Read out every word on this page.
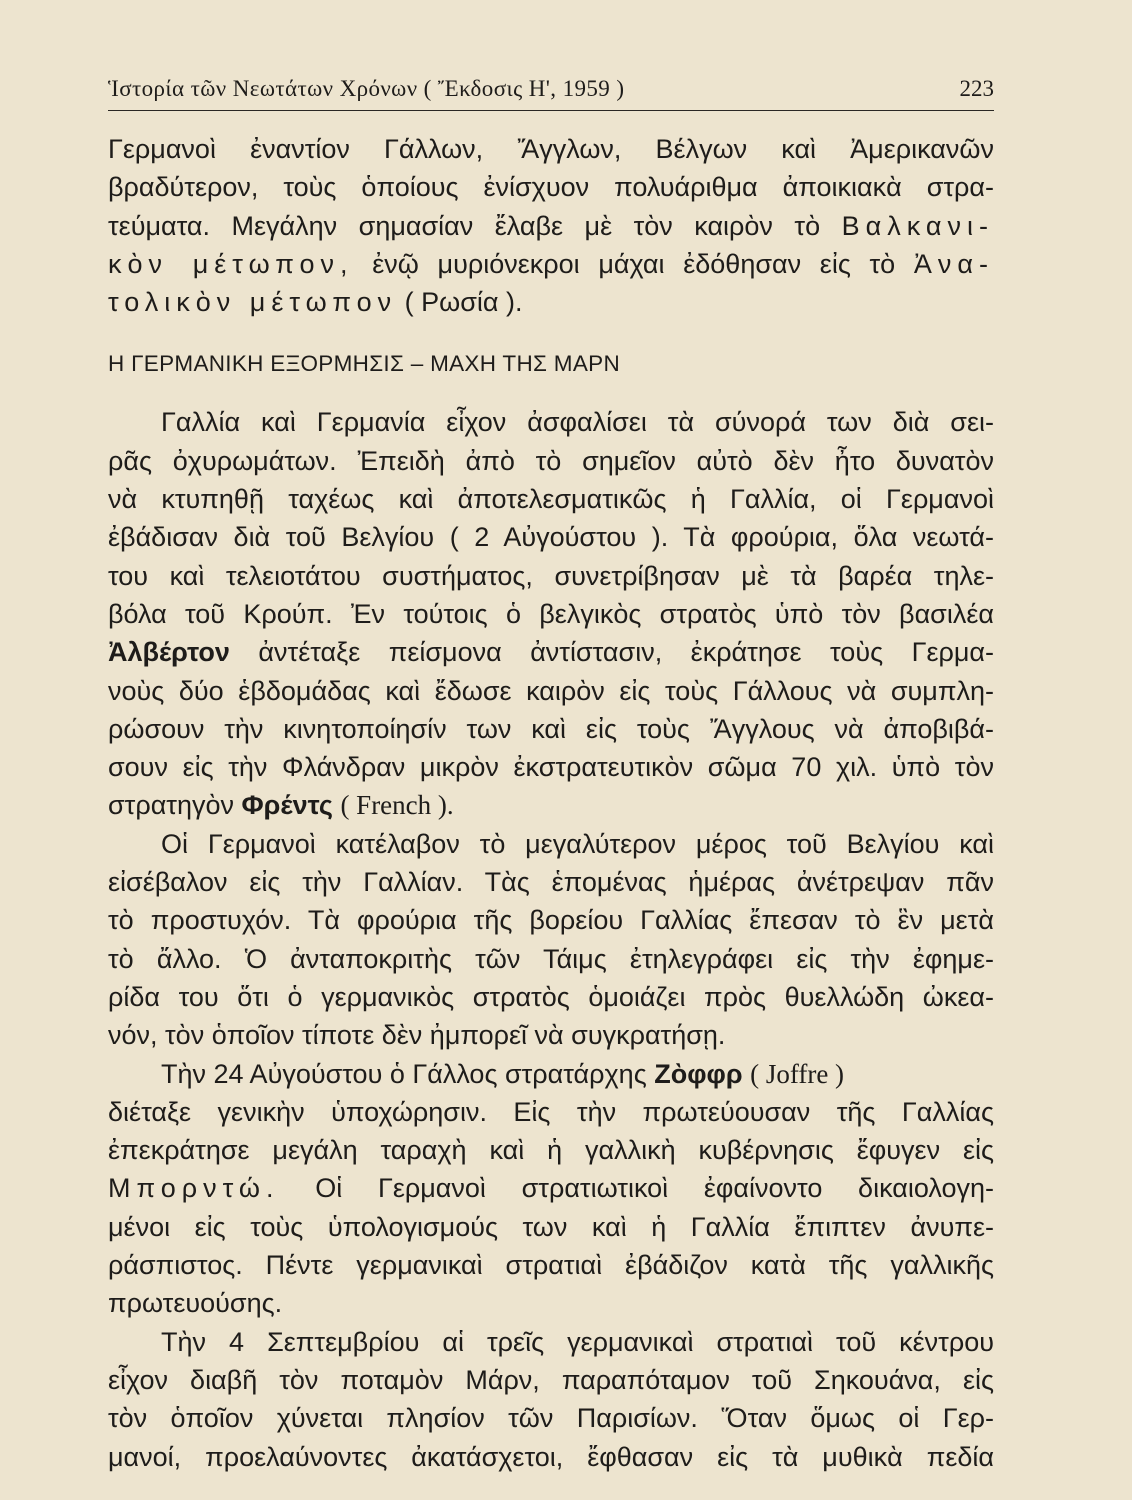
Ἱστορία τῶν Νεωτάτων Χρόνων ( Ἔκδοσις Η', 1959 )	223

Γερμανοὶ ἐναντίον Γάλλων, Ἄγγλων, Βέλγων καὶ Ἀμερικανῶν
βραδύτερον, τοὺς ὁποίους ἐνίσχυον πολυάριθμα ἀποικιακὰ στρα-
τεύματα. Μεγάλην σημασίαν ἔλαβε μὲ τὸν καιρὸν τὸ Βαλκανι-
κὸν μέτωπον, ἐνῷ μυριόνεκροι μάχαι ἐδόθησαν εἰς τὸ Ἀνα-
τολικὸν μέτωπον ( Ρωσία ).

Η ΓΕΡΜΑΝΙΚΗ ΕΞΟΡΜΗΣΙΣ – ΜΑΧΗ ΤΗΣ ΜΑΡΝ

Γαλλία καὶ Γερμανία εἶχον ἀσφαλίσει τὰ σύνορά των διὰ σει-
ρᾶς ὀχυρωμάτων. Ἐπειδὴ ἀπὸ τὸ σημεῖον αὐτὸ δὲν ἦτο δυνατὸν
νὰ κτυπηθῇ ταχέως καὶ ἀποτελεσματικῶς ἡ Γαλλία, οἱ Γερμανοὶ
ἐβάδισαν διὰ τοῦ Βελγίου ( 2 Αὐγούστου ). Τὰ φρούρια, ὅλα νεωτά-
του καὶ τελειοτάτου συστήματος, συνετρίβησαν μὲ τὰ βαρέα τηλε-
βόλα τοῦ Κρούπ. Ἐν τούτοις ὁ βελγικὸς στρατὸς ὑπὸ τὸν βασιλέα
Ἀλβέρτον ἀντέταξε πείσμονα ἀντίστασιν, ἐκράτησε τοὺς Γερμα-
νοὺς δύο ἑβδομάδας καὶ ἔδωσε καιρὸν εἰς τοὺς Γάλλους νὰ συμπλη-
ρώσουν τὴν κινητοποίησίν των καὶ εἰς τοὺς Ἄγγλους νὰ ἀποβιβά-
σουν εἰς τὴν Φλάνδραν μικρὸν ἐκστρατευτικὸν σῶμα 70 χιλ. ὑπὸ τὸν
στρατηγὸν Φρέντς ( French ).

Οἱ Γερμανοὶ κατέλαβον τὸ μεγαλύτερον μέρος τοῦ Βελγίου καὶ
εἰσέβαλον εἰς τὴν Γαλλίαν. Τὰς ἑπομένας ἡμέρας ἀνέτρεψαν πᾶν
τὸ προστυχόν. Τὰ φρούρια τῆς βορείου Γαλλίας ἔπεσαν τὸ ἓν μετὰ
τὸ ἄλλο. Ὁ ἀνταποκριτὴς τῶν Τάιμς ἐτηλεγράφει εἰς τὴν ἐφημε-
ρίδα του ὅτι ὁ γερμανικὸς στρατὸς ὁμοιάζει πρὸς θυελλώδη ὠκεα-
νόν, τὸν ὁποῖον τίποτε δὲν ἠμπορεῖ νὰ συγκρατήσῃ.

Τὴν 24 Αὐγούστου ὁ Γάλλος στρατάρχης Ζὸφφρ ( Joffre )
διέταξε γενικὴν ὑποχώρησιν. Εἰς τὴν πρωτεύουσαν τῆς Γαλλίας
ἐπεκράτησε μεγάλη ταραχὴ καὶ ἡ γαλλικὴ κυβέρνησις ἔφυγεν εἰς
Μπορντώ. Οἱ Γερμανοὶ στρατιωτικοὶ ἐφαίνοντο δικαιολογη-
μένοι εἰς τοὺς ὑπολογισμούς των καὶ ἡ Γαλλία ἔπιπτεν ἀνυπε-
ράσπιστος. Πέντε γερμανικαὶ στρατιαὶ ἐβάδιζον κατὰ τῆς γαλλικῆς
πρωτευούσης.

Τὴν 4 Σεπτεμβρίου αἱ τρεῖς γερμανικαὶ στρατιαὶ τοῦ κέντρου
εἶχον διαβῆ τὸν ποταμὸν Μάρν, παραπόταμον τοῦ Σηκουάνα, εἰς
τὸν ὁποῖον χύνεται πλησίον τῶν Παρισίων. Ὅταν ὅμως οἱ Γερ-
μανοί, προελαύνοντες ἀκατάσχετοι, ἔφθασαν εἰς τὰ μυθικὰ πεδία
